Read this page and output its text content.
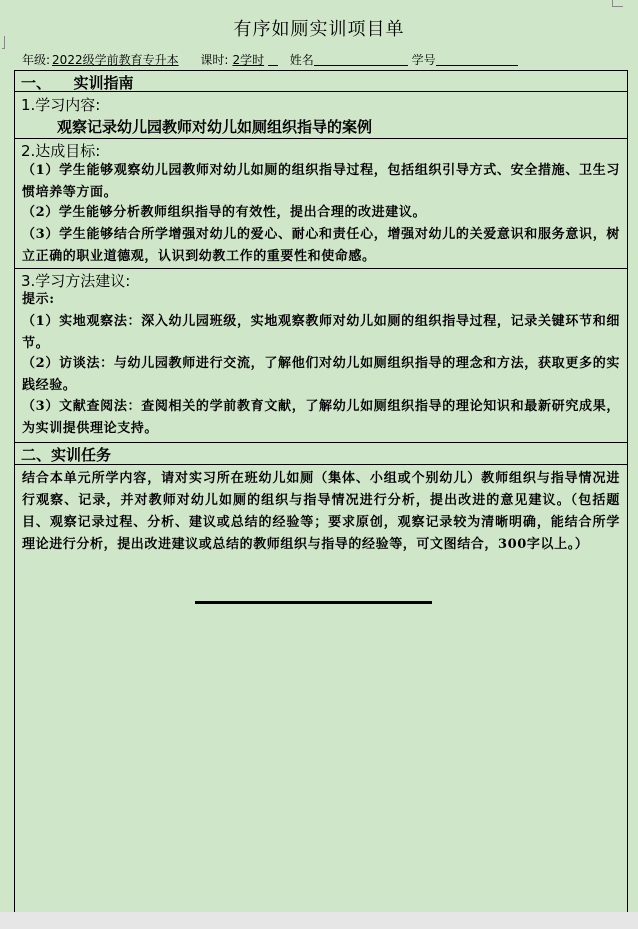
有序如厕实训项目单
年级: 2022级学前教育专升本 课时: 2学时 姓名	学号
一、　　实训指南
1.学习内容:
观察记录幼儿园教师对幼儿如厕组织指导的案例
2.达成目标:
（1）学生能够观察幼儿园教师对幼儿如厕的组织指导过程，包括组织引导方式、安全措施、卫生习惯培养等方面。
（2）学生能够分析教师组织指导的有效性，提出合理的改进建议。
（3）学生能够结合所学增强对幼儿的爱心、耐心和责任心，增强对幼儿的关爱意识和服务意识，树立正确的职业道德观，认识到幼教工作的重要性和使命感。
3.学习方法建议:
提示:
（1）实地观察法：深入幼儿园班级，实地观察教师对幼儿如厕的组织指导过程，记录关键环节和细节。
（2）访谈法：与幼儿园教师进行交流，了解他们对幼儿如厕组织指导的理念和方法，获取更多的实践经验。
（3）文献查阅法：查阅相关的学前教育文献，了解幼儿如厕组织指导的理论知识和最新研究成果，为实训提供理论支持。
二、实训任务
结合本单元所学内容，请对实习所在班幼儿如厕（集体、小组或个别幼儿）教师组织与指导情况进行观察、记录，并对教师对幼儿如厕的组织与指导情况进行分析，提出改进的意见建议。（包括题目、观察记录过程、分析、建议或总结的经验等；要求原创，观察记录较为清晰明确，能结合所学理论进行分析，提出改进建议或总结的教师组织与指导的经验等，可文图结合，300字以上。）
